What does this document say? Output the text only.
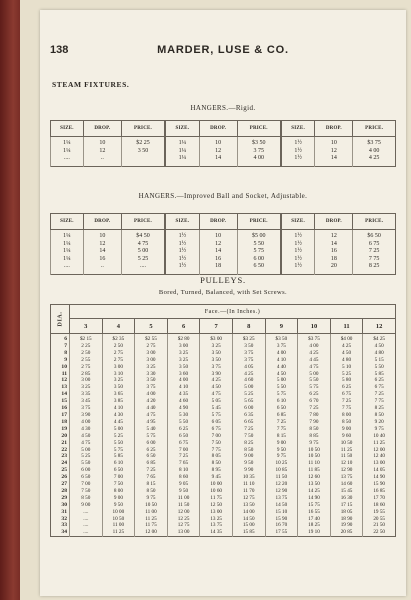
138	MARDER, LUSE & CO.
STEAM FIXTURES.
HANGERS.—Rigid.
SIZE.	DROP.	PRICE.	SIZE.	DROP.	PRICE.	SIZE.	DROP.	PRICE.
1¼	10	$2 25	1¼	10	$3 50	1½	10	$3 75
1¼	12	3 50	1¼	12	3 75	1½	12	4 00
....	..		1¼	14	4 00	1½	14	4 25
HANGERS.—Improved Ball and Socket, Adjustable.
SIZE.	DROP.	PRICE.	SIZE.	DROP.	PRICE.	SIZE.	DROP.	PRICE.
1¼	10	$4 50	1½	10	$5 00	1½	12	$6 50
1¼	12	4 75	1½	12	5 50	1½	14	6 75
1¼	14	5 00	1½	14	5 75	1½	16	7 25
1¼	16	5 25	1½	16	6 00	1½	18	7 75
....	..	....	1½	18	6 50	1½	20	8 25
PULLEYS.
Bored, Turned, Balanced, with Set Screws.
DIA.	Face.—(In Inches.)									
	3	4	5	6	7	8	9	10	11	12
6	$2 15	$2 35	$2 55	$2 80	$3 00	$3 25	$3 50	$3 75	$4 00	$4 25
7	2 25	2 50	2 75	3 00	3 25	3 50	3 75	4 00	4 25	4 50
8	2 50	2 75	3 00	3 25	3 50	3 75	4 00	4 25	4 50	4 80
9	2 55	2 75	3 00	3 25	3 50	3 75	4 10	4 45	4 80	5 15
10	2 75	3 00	3 25	3 50	3 75	4 05	4 40	4 75	5 10	5 50
11	2 85	3 10	3 30	3 60	3 90	4 25	4 50	5 00	5 25	5 85
12	3 00	3 25	3 50	4 00	4 25	4 60	5 00	5 50	5 80	6 25
13	3 25	3 50	3 75	4 10	4 50	5 00	5 50	5 75	6 25	6 75
14	3 35	3 65	4 00	4 35	4 75	5 25	5 75	6 25	6 75	7 25
15	3 45	3 85	4 20	4 60	5 05	5 65	6 10	6 70	7 25	7 75
16	3 75	4 10	4 40	4 90	5 45	6 00	6 50	7 25	7 75	8 25
17	3 90	4 30	4 75	5 30	5 75	6 35	6 85	7 80	8 00	8 50
18	4 00	4 45	4 95	5 50	6 05	6 65	7 25	7 90	8 50	9 20
19	4 30	5 00	5 40	6 25	6 75	7 25	7 75	8 50	9 00	9 75
20	4 50	5 25	5 75	6 50	7 00	7 50	8 15	8 85	9 60	10 40
21	4 75	5 50	6 00	6 75	7 50	8 25	9 00	9 75	10 50	11 25
22	5 00	5 75	6 25	7 00	7 75	8 50	9 50	10 50	11 25	12 00
23	5 25	5 85	6 50	7 25	8 05	9 00	9 75	10 50	11 50	12 40
24	5 50	6 10	6 85	7 65	8 50	9 50	10 25	11 10	12 10	13 00
25	6 00	6 50	7 25	8 10	8 95	9 90	10 85	11 85	12 90	14 05
26	6 50	7 00	7 65	8 60	9 45	10 35	11 50	12 60	13 75	14 90
27	7 00	7 50	8 15	9 05	10 00	11 10	12 20	13 50	14 60	15 90
28	7 50	8 00	8 50	9 50	10 60	11 70	12 90	14 25	15 45	16 85
29	8 50	9 00	9 75	11 00	11 75	12 75	13 75	14 90	16 30	17 70
30	9 00	9 50	10 50	11 50	12 50	13 50	14 50	15 75	17 15	18 60
31	....	10 00	11 00	12 00	13 00	14 00	15 10	16 55	18 05	19 55
32	....	10 50	11 25	12 25	13 25	14 50	15 90	17 40	18 90	20 55
33	....	11 00	11 75	12 75	13 75	15 00	16 70	18 25	19 90	21 50
34	....	11 25	12 00	13 00	14 35	15 85	17 55	19 10	20 85	22 50
